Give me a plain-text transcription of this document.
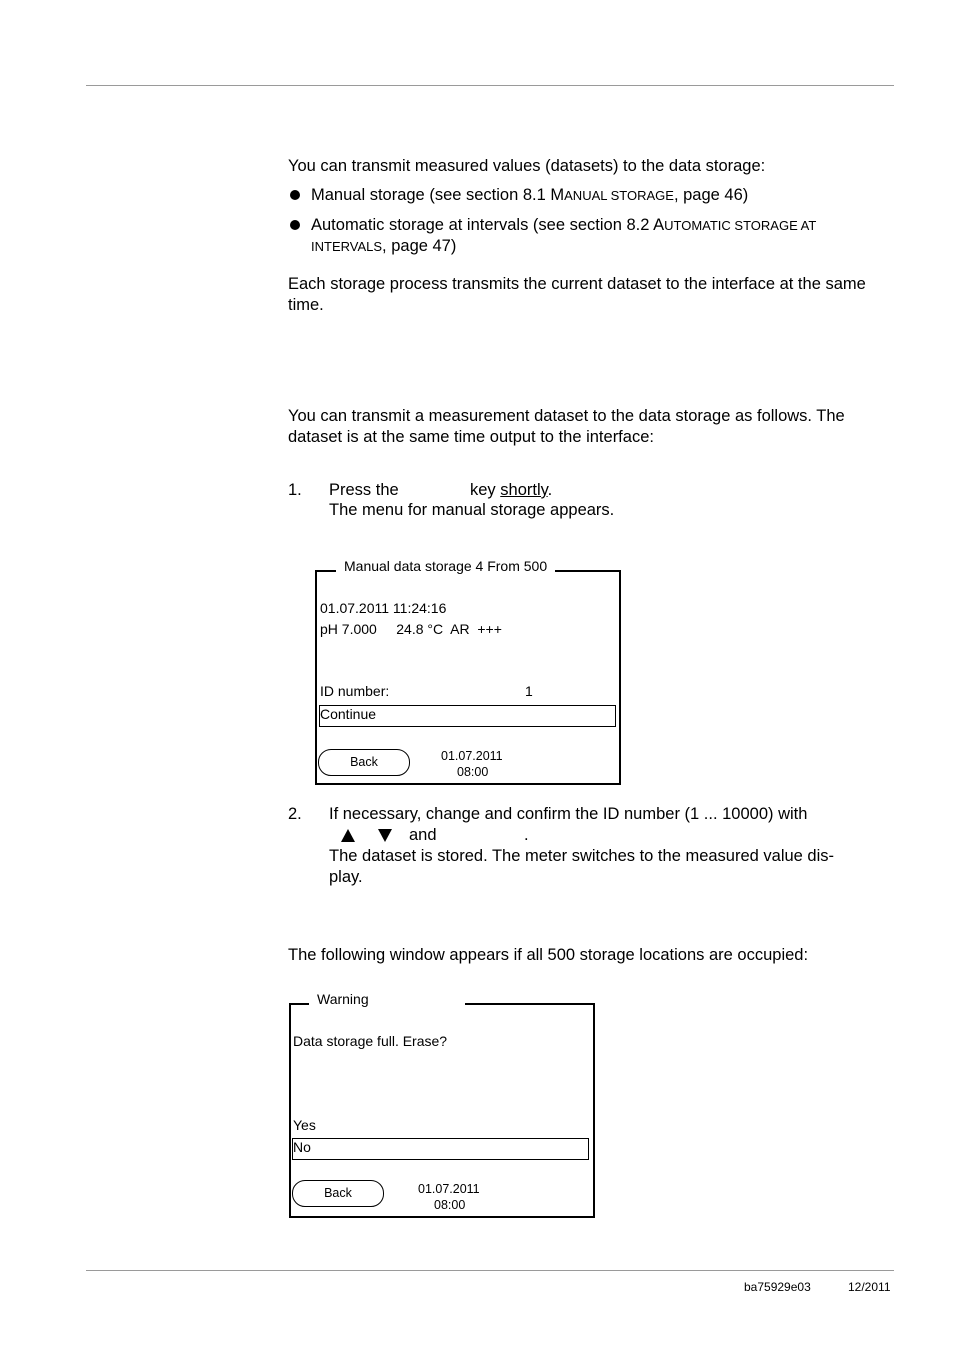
You can transmit measured values (datasets) to the data storage:
Manual storage (see section 8.1 MANUAL STORAGE, page 46)
Automatic storage at intervals (see section 8.2 AUTOMATIC STORAGE AT
INTERVALS, page 47)
Each storage process transmits the current dataset to the interface at the same
time.
You can transmit a measurement dataset to the data storage as follows. The
dataset is at the same time output to the interface:
1. Press the	key shortly.
The menu for manual storage appears.
Manual data storage 4 From 500
01.07.2011 11:24:16
pH 7.000     24.8 °C  AR  +++
ID number:	1
Continue
Back	01.07.2011
08:00
2. If necessary, change and confirm the ID number (1 ... 10000) with
and	.
The dataset is stored. The meter switches to the measured value dis-
play.
The following window appears if all 500 storage locations are occupied:
Warning
Data storage full. Erase?
Yes
No
Back	01.07.2011
08:00
ba75929e03	12/2011
